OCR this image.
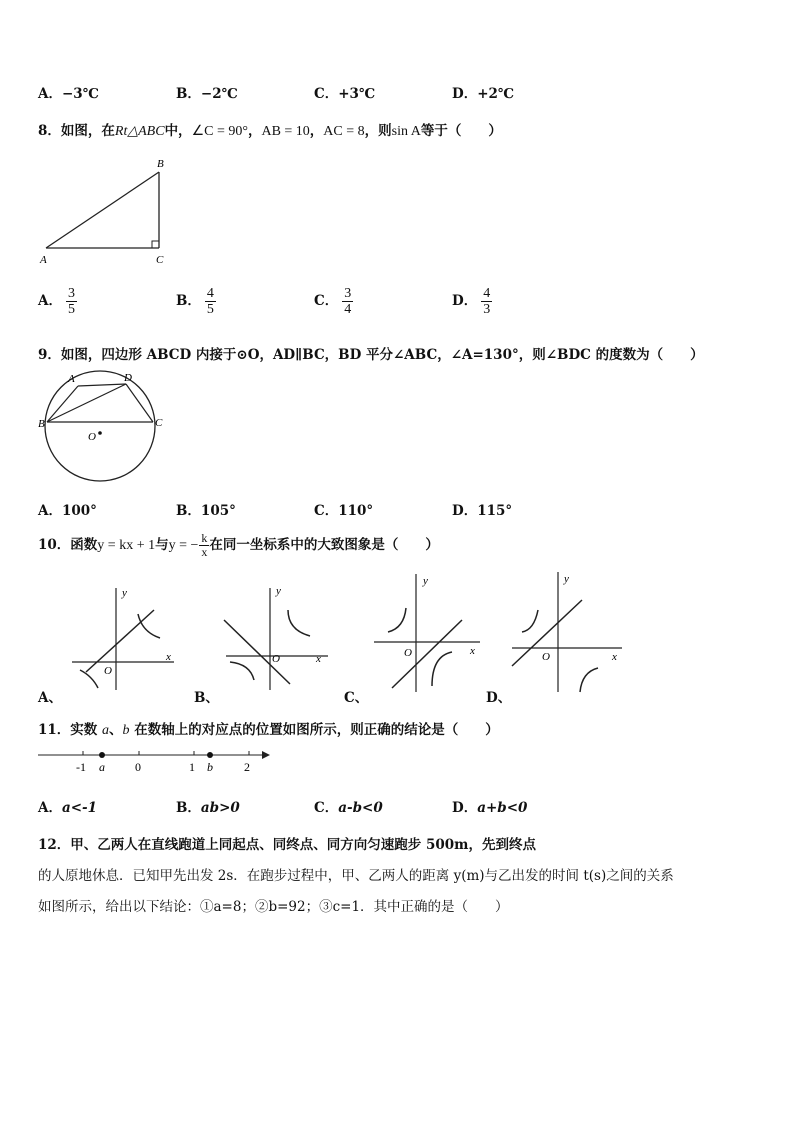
A．−3℃	B．−2℃	C．+3℃	D．+2℃
8．如图，在Rt△ABC中，∠C = 90°，AB = 10，AC = 8，则sin A等于（　　）
A
B
C
A． $\frac{3}{5}$	B． $\frac{4}{5}$	C． $\frac{3}{4}$	D． $\frac{4}{3}$
9．如图，四边形 ABCD 内接于⊙O，AD∥BC，BD 平分∠ABC，∠A=130°，则∠BDC 的度数为（　　）
A	D
B	C
O
A．100°	B．105°	C．110°	D．115°
10．函数y = kx + 1与y = − $\frac{k}{x}$ 在同一坐标系中的大致图象是（　　）
y
x
O
A、
y
x
O
B、
y
x
O
C、
y
x
O
D、
11．实数 a、b 在数轴上的对应点的位置如图所示，则正确的结论是（　　）
-1	0	1	2
a	b
A．a<-1	B．ab>0	C．a-b<0	D．a+b<0
12．甲、乙两人在直线跑道上同起点、同终点、同方向匀速跑步 500m，先到终点
的人原地休息．已知甲先出发 2s．在跑步过程中，甲、乙两人的距离 y(m)与乙出发的时间 t(s)之间的关系
如图所示，给出以下结论：①a=8；②b=92；③c=1．其中正确的是（　　）
